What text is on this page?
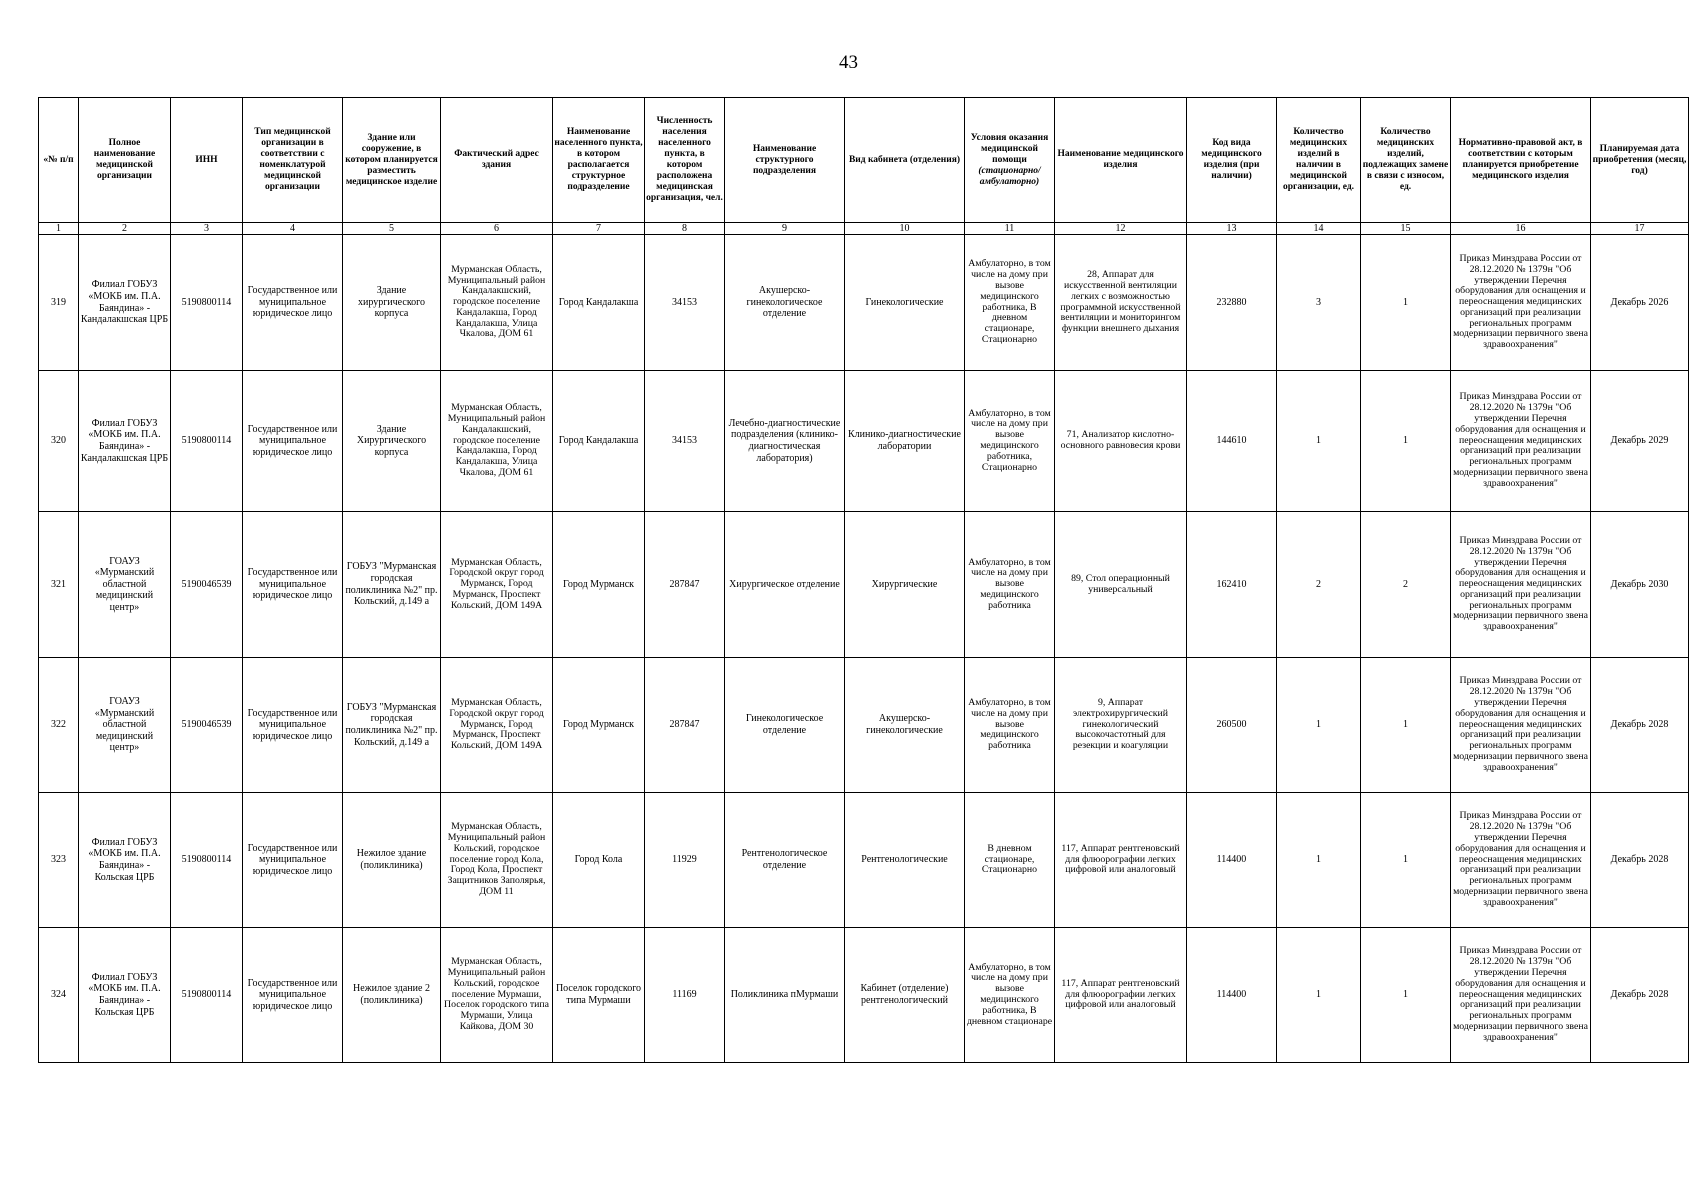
43
«№ п/п	Полное наименование медицинской организации	ИНН	Тип медицинской организации в соответствии с номенклатурой медицинской организации	Здание или сооружение, в котором планируется разместить медицинское изделие	Фактический адрес здания	Наименование населенного пункта, в котором располагается структурное подразделение	Численность населения населенного пункта, в котором расположена медицинская организация, чел.	Наименование структурного подразделения	Вид кабинета (отделения)	Условия оказания медицинской помощи
(стационарно/ амбулаторно)	Наименование медицинского изделия	Код вида медицинского изделия (при наличии)	Количество медицинских изделий в наличии в медицинской организации, ед.	Количество медицинских изделий, подлежащих замене в связи с износом, ед.	Нормативно-правовой акт, в соответствии с которым планируется приобретение медицинского изделия	Планируемая дата приобретения (месяц, год)
1	2	3	4	5	6	7	8	9	10	11	12	13	14	15	16	17
319	Филиал ГОБУЗ «МОКБ им. П.А. Баяндина» - Кандалакшская ЦРБ	5190800114	Государственное или муниципальное юридическое лицо	Здание хирургического корпуса	Мурманская Область, Муниципальный район Кандалакшский, городское поселение Кандалакша, Город Кандалакша, Улица Чкалова, ДОМ 61	Город Кандалакша	34153	Акушерско-гинекологическое отделение	Гинекологические	Амбулаторно, в том числе на дому при вызове медицинского работника, В дневном стационаре, Стационарно	28, Аппарат для искусственной вентиляции легких с возможностью программной искусственной вентиляции и мониторингом функции внешнего дыхания	232880	3	1	Приказ Минздрава России от 28.12.2020 № 1379н "Об утверждении Перечня оборудования для оснащения и переоснащения медицинских организаций при реализации региональных программ модернизации первичного звена здравоохранения"	Декабрь 2026
320	Филиал ГОБУЗ «МОКБ им. П.А. Баяндина» - Кандалакшская ЦРБ	5190800114	Государственное или муниципальное юридическое лицо	Здание Хирургического корпуса	Мурманская Область, Муниципальный район Кандалакшский, городское поселение Кандалакша, Город Кандалакша, Улица Чкалова, ДОМ 61	Город Кандалакша	34153	Лечебно-диагностические подразделения (клинико-диагностическая лаборатория)	Клинико-диагностические лаборатории	Амбулаторно, в том числе на дому при вызове медицинского работника, Стационарно	71, Анализатор кислотно-основного равновесия крови	144610	1	1	Приказ Минздрава России от 28.12.2020 № 1379н "Об утверждении Перечня оборудования для оснащения и переоснащения медицинских организаций при реализации региональных программ модернизации первичного звена здравоохранения"	Декабрь 2029
321	ГОАУЗ «Мурманский областной медицинский центр»	5190046539	Государственное или муниципальное юридическое лицо	ГОБУЗ "Мурманская городская поликлиника №2" пр. Кольский, д.149 а	Мурманская Область, Городской округ город Мурманск, Город Мурманск, Проспект Кольский, ДОМ 149А	Город Мурманск	287847	Хирургическое отделение	Хирургические	Амбулаторно, в том числе на дому при вызове медицинского работника	89, Стол операционный универсальный	162410	2	2	Приказ Минздрава России от 28.12.2020 № 1379н "Об утверждении Перечня оборудования для оснащения и переоснащения медицинских организаций при реализации региональных программ модернизации первичного звена здравоохранения"	Декабрь 2030
322	ГОАУЗ «Мурманский областной медицинский центр»	5190046539	Государственное или муниципальное юридическое лицо	ГОБУЗ "Мурманская городская поликлиника №2" пр. Кольский, д.149 а	Мурманская Область, Городской округ город Мурманск, Город Мурманск, Проспект Кольский, ДОМ 149А	Город Мурманск	287847	Гинекологическое отделение	Акушерско-гинекологические	Амбулаторно, в том числе на дому при вызове медицинского работника	9, Аппарат электрохирургический гинекологический высокочастотный для резекции и коагуляции	260500	1	1	Приказ Минздрава России от 28.12.2020 № 1379н "Об утверждении Перечня оборудования для оснащения и переоснащения медицинских организаций при реализации региональных программ модернизации первичного звена здравоохранения"	Декабрь 2028
323	Филиал ГОБУЗ «МОКБ им. П.А. Баяндина» - Кольская ЦРБ	5190800114	Государственное или муниципальное юридическое лицо	Нежилое здание (поликлиника)	Мурманская Область, Муниципальный район Кольский, городское поселение город Кола, Город Кола, Проспект Защитников Заполярья, ДОМ 11	Город Кола	11929	Рентгенологическое отделение	Рентгенологические	В дневном стационаре, Стационарно	117, Аппарат рентгеновский для флюорографии легких цифровой или аналоговый	114400	1	1	Приказ Минздрава России от 28.12.2020 № 1379н "Об утверждении Перечня оборудования для оснащения и переоснащения медицинских организаций при реализации региональных программ модернизации первичного звена здравоохранения"	Декабрь 2028
324	Филиал ГОБУЗ «МОКБ им. П.А. Баяндина» - Кольская ЦРБ	5190800114	Государственное или муниципальное юридическое лицо	Нежилое здание 2 (поликлиника)	Мурманская Область, Муниципальный район Кольский, городское поселение Мурмаши, Поселок городского типа Мурмаши, Улица Кайкова, ДОМ 30	Поселок городского типа Мурмаши	11169	Поликлиника пМурмаши	Кабинет (отделение) рентгенологический	Амбулаторно, в том числе на дому при вызове медицинского работника, В дневном стационаре	117, Аппарат рентгеновский для флюорографии легких цифровой или аналоговый	114400	1	1	Приказ Минздрава России от 28.12.2020 № 1379н "Об утверждении Перечня оборудования для оснащения и переоснащения медицинских организаций при реализации региональных программ модернизации первичного звена здравоохранения"	Декабрь 2028
